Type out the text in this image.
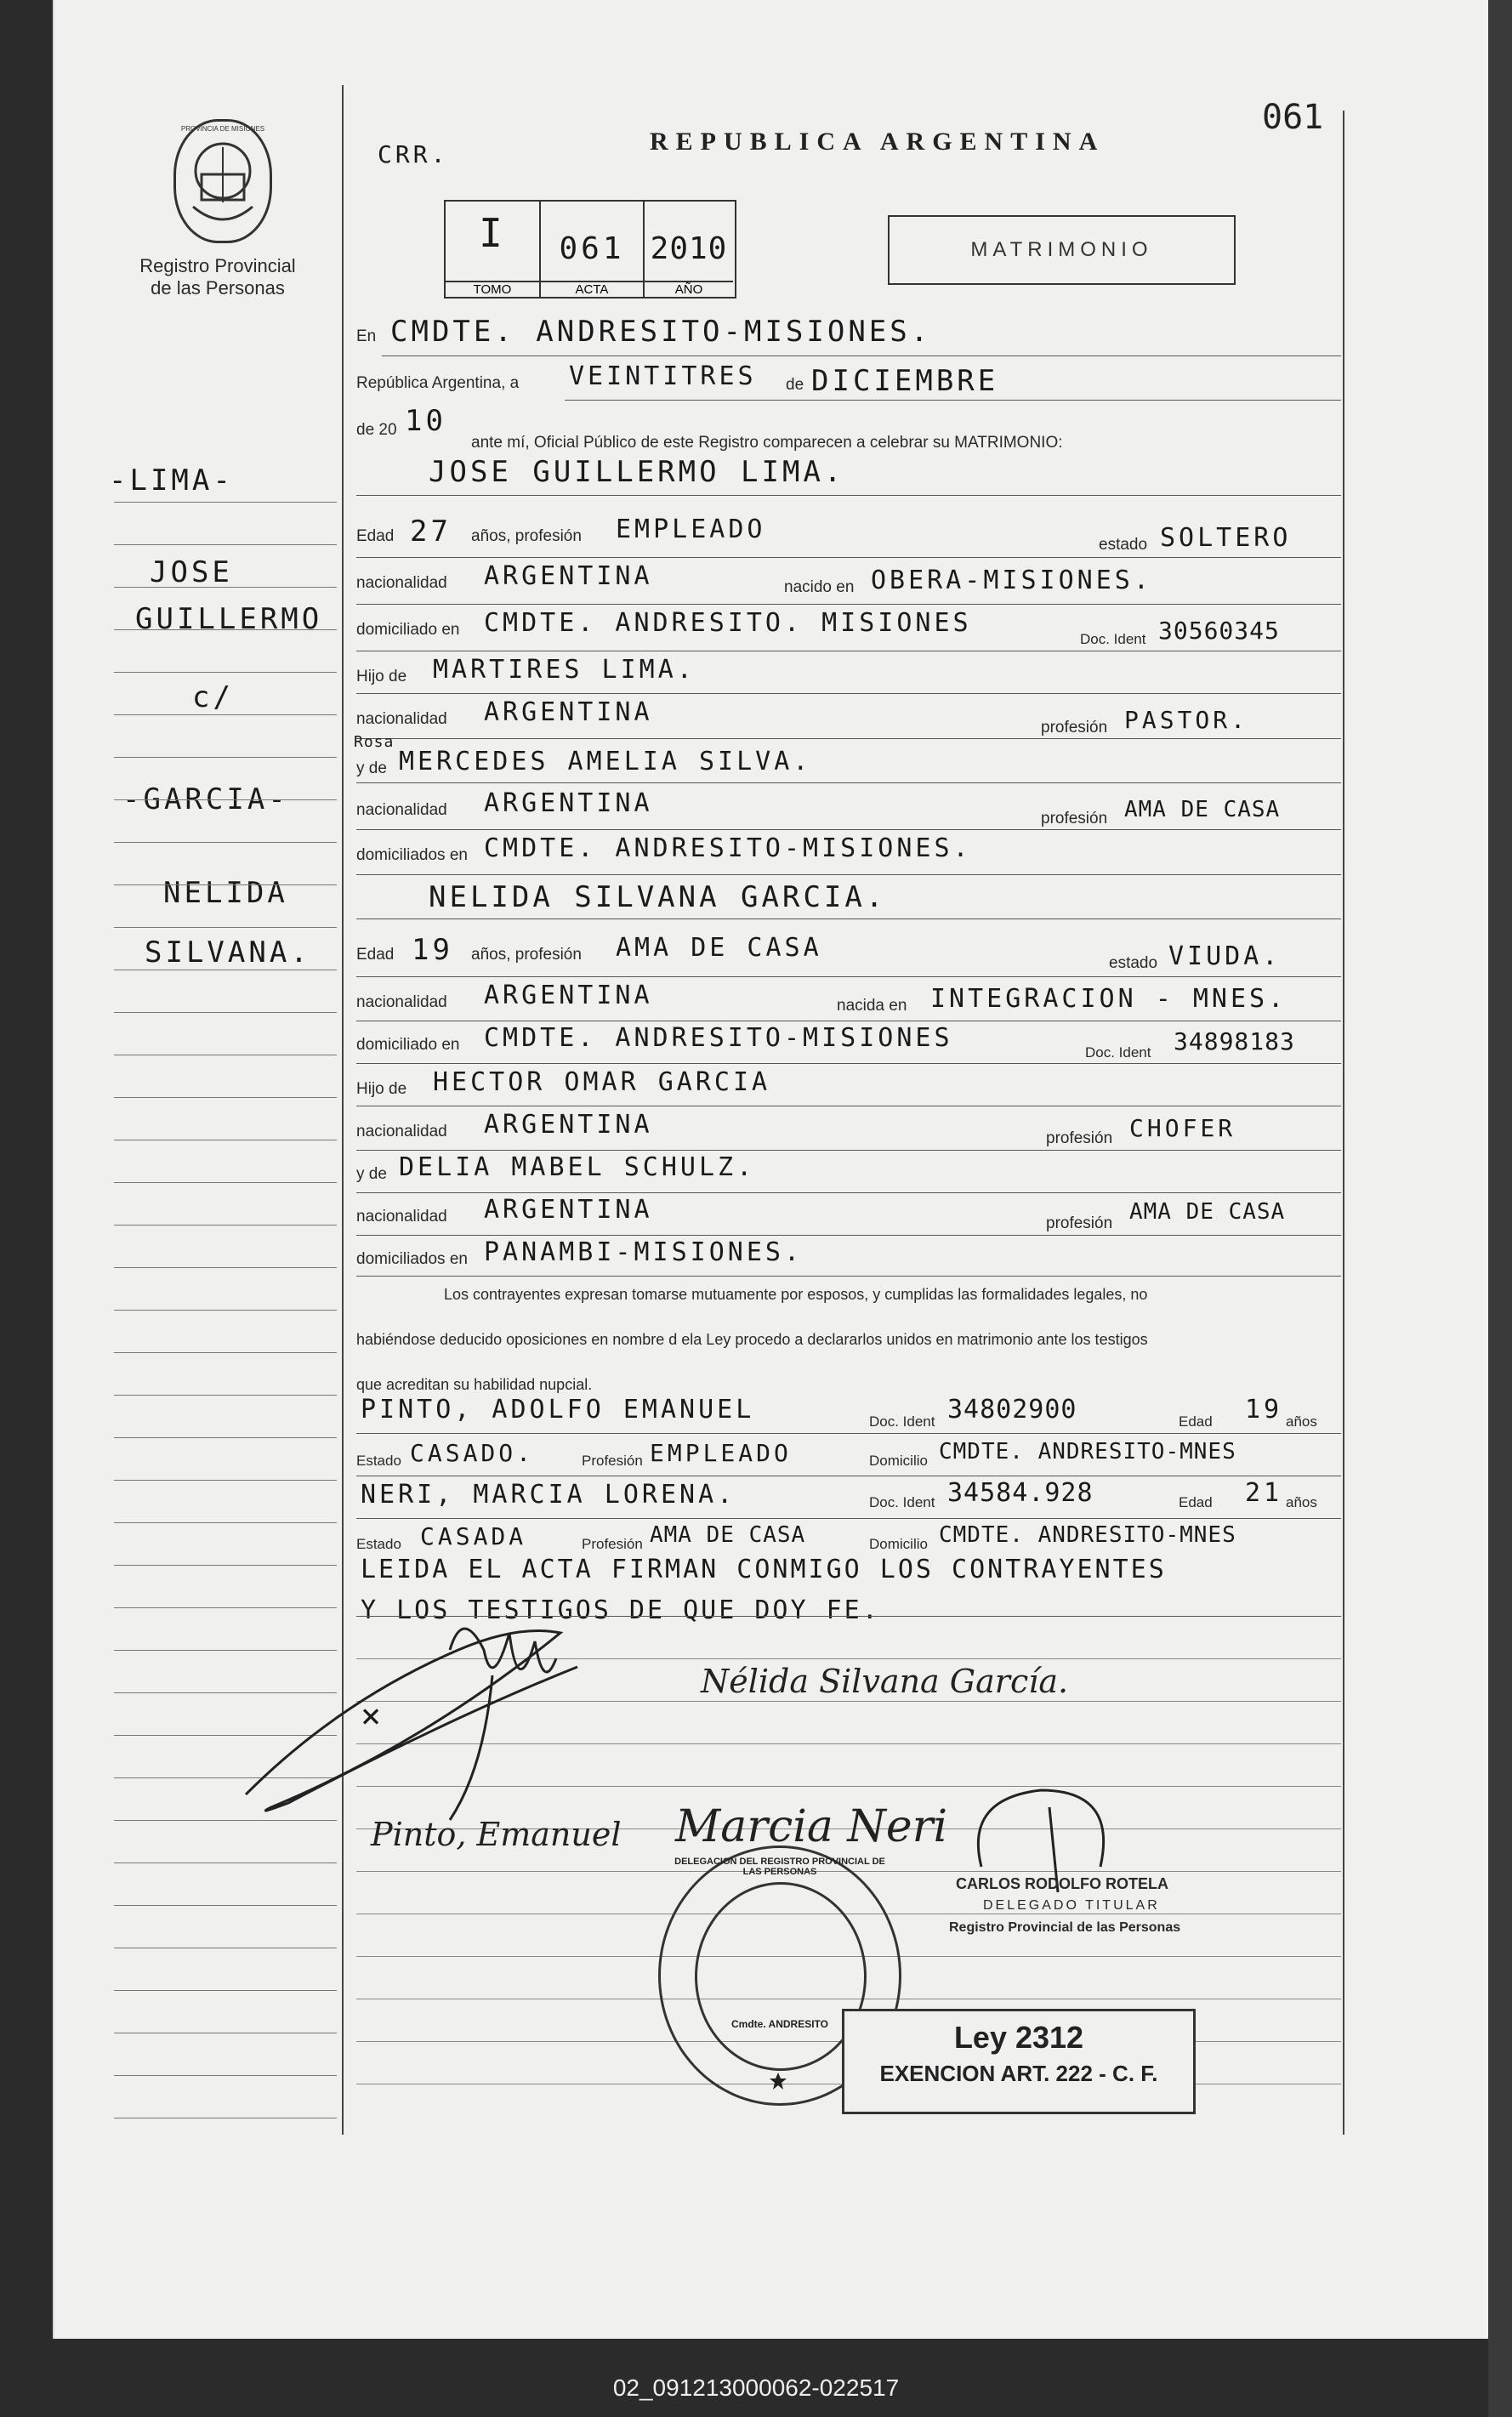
PROVINCIA DE MISIONES
Registro Provincial
de las Personas
CRR.	REPUBLICA ARGENTINA
061
I
TOMO
061
ACTA
2010
AÑO
MATRIMONIO
-LIMA-
JOSE
GUILLERMO
c/
-GARCIA-
NELIDA
SILVANA.
En CMDTE. ANDRESITO-MISIONES.
República Argentina, a VEINTITRES de DICIEMBRE
de 20 10
ante mí, Oficial Público de este Registro comparecen a celebrar su MATRIMONIO:
JOSE GUILLERMO LIMA.
Edad 27 años, profesión EMPLEADO
estado SOLTERO
nacionalidad ARGENTINA	nacido en OBERA-MISIONES.
domiciliado en CMDTE. ANDRESITO. MISIONES
Doc. Ident 30560345
Hijo de MARTIRES LIMA.
nacionalidad ARGENTINA
profesión PASTOR.
Rosa
y de MERCEDES AMELIA SILVA.
nacionalidad ARGENTINA
profesión AMA DE CASA
domiciliados en CMDTE. ANDRESITO-MISIONES.
NELIDA SILVANA GARCIA.
Edad 19 años, profesión AMA DE CASA
estado VIUDA.
nacionalidad ARGENTINA	nacida en INTEGRACION - MNES.
domiciliado en CMDTE. ANDRESITO-MISIONES	Doc. Ident 34898183
Hijo de HECTOR OMAR GARCIA
nacionalidad ARGENTINA	profesión CHOFER
y de DELIA MABEL SCHULZ.
nacionalidad ARGENTINA	profesión AMA DE CASA
domiciliados en PANAMBI-MISIONES.
Los contrayentes expresan tomarse mutuamente por esposos, y cumplidas las formalidades legales, no
habiéndose deducido oposiciones en nombre d ela Ley procedo a declararlos unidos en matrimonio ante los testigos
que acreditan su habilidad nupcial.
PINTO, ADOLFO EMANUEL	Doc. Ident 34802900	Edad 19 años
Estado CASADO.	Profesión EMPLEADO	Domicilio CMDTE. ANDRESITO-MNES
NERI, MARCIA LORENA.	Doc. Ident 34584.928	Edad 21 años
Estado CASADA	Profesión AMA DE CASA	Domicilio CMDTE. ANDRESITO-MNES
LEIDA EL ACTA FIRMAN CONMIGO LOS CONTRAYENTES
Y LOS TESTIGOS DE QUE DOY FE.
×
Nélida Silvana García.
Pinto, Emanuel Marcia Neri
CARLOS RODOLFO ROTELA
DELEGADO TITULAR
Registro Provincial de las Personas
DELEGACION DEL REGISTRO PROVINCIAL DE LAS PERSONAS
Cmdte. ANDRESITO	Ley 2312
EXENCION ART. 222 - C. F.
02_091213000062-022517
